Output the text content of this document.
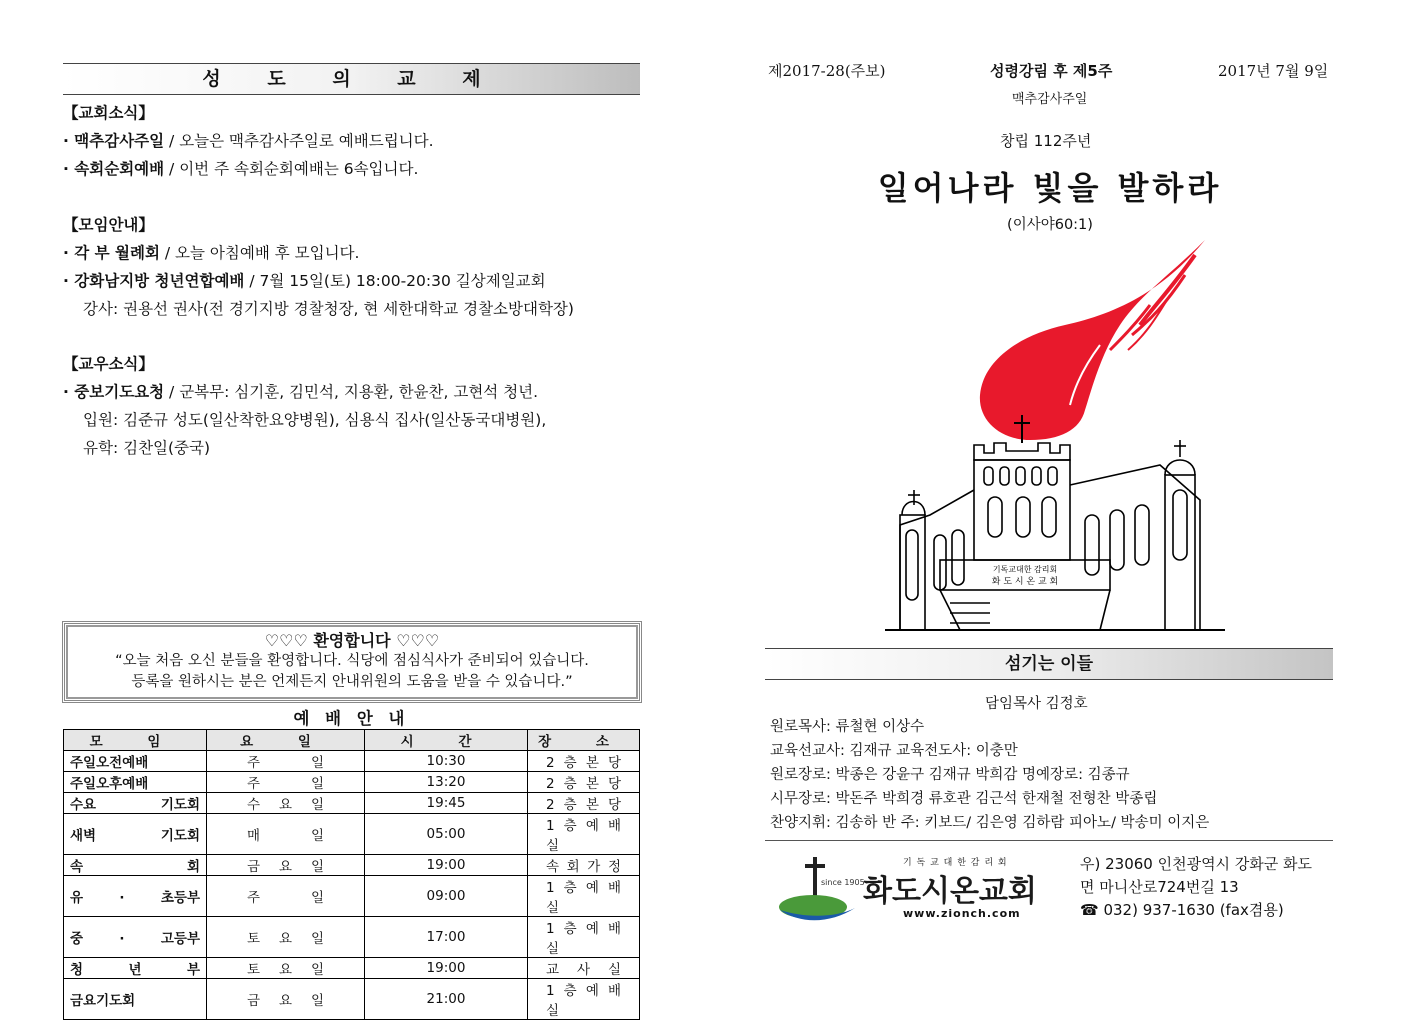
성 도 의 교 제
【교회소식】
· 맥추감사주일 / 오늘은 맥추감사주일로 예배드립니다.
· 속회순회예배 / 이번 주 속회순회예배는 6속입니다.
【모임안내】
· 각 부 월례회 / 오늘 아침예배 후 모입니다.
· 강화남지방 청년연합예배 / 7월 15일(토) 18:00-20:30 길상제일교회
강사: 권용선 권사(전 경기지방 경찰청장, 현 세한대학교 경찰소방대학장)
【교우소식】
· 중보기도요청 / 군복무: 심기훈, 김민석, 지용환, 한윤찬, 고현석 청년.
입원: 김준규 성도(일산착한요양병원), 심용식 집사(일산동국대병원),
유학: 김찬일(중국)
♡♡♡ 환영합니다 ♡♡♡
“오늘 처음 오신 분들을 환영합니다. 식당에 점심식사가 준비되어 있습니다.
등록을 원하시는 분은 언제든지 안내위원의 도움을 받을 수 있습니다.”
예 배 안 내
모 임	요 일	시 간	장 소
주일오전예배	주 일	10:30	2 층 본 당
주일오후예배	주 일	13:20	2 층 본 당
수요 기도회	수 요 일	19:45	2 층 본 당
새벽 기도회	매 일	05:00	1 층 예 배 실
속 회	금 요 일	19:00	속 회 가 정
유 · 초등부	주 일	09:00	1 층 예 배 실
중 · 고등부	토 요 일	17:00	1 층 예 배 실
청 년 부	토 요 일	19:00	교 사 실
금요기도회	금 요 일	21:00	1 층 예 배 실
제2017-28(주보)	성령강림 후 제5주	2017년 7월 9일
맥추감사주일
창립 112주년
일어나라 빛을 발하라
(이사야60:1)
기독교대한 감리회
화 도 시 온 교 회
섬기는 이들
담임목사 김정호
원로목사: 류철현 이상수
교육선교사: 김재규 교육전도사: 이충만
원로장로: 박종은 강윤구 김재규 박희감 명예장로: 김종규
시무장로: 박돈주 박희경 류호관 김근석 한재철 전형찬 박종립
찬양지휘: 김송하 반 주: 키보드/ 김은영 김하람 피아노/ 박송미 이지은
since 1905
기 독 교 대 한 감 리 회
화도시온교회
www.zionch.com
우) 23060 인천광역시 강화군 화도
면 마니산로724번길 13
☎ 032) 937-1630 (fax겸용)
